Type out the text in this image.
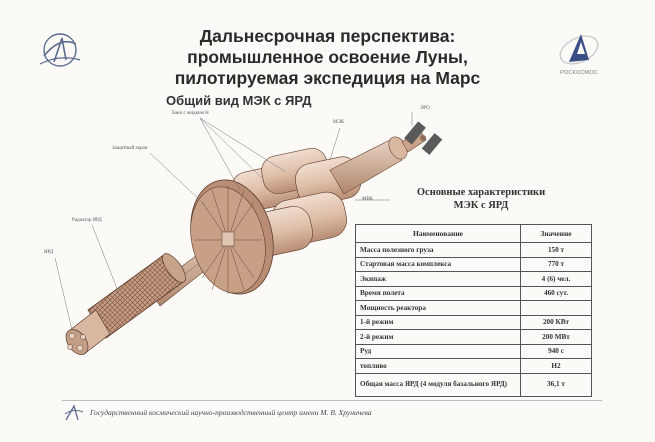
Дальнесрочная перспектива:
промышленное освоение Луны,
пилотируемая экспедиция на Марс
Общий вид МЭК с ЯРД
РОСКОСМОС
Баки с жидким Н
Защитный экран
Радиатор ЯРД
ЯРД
МЭК
ЭРО
МВК
Основные характеристики
МЭК с ЯРД
Наименование	Значение
Масса полезного груза	150 т
Стартовая масса комплекса	770 т
Экипаж	4 (6) чел.
Время полета	460 сут.
Мощность реактора	
1-й режим	200 КВт
2-й режим	200 МВт
Руд	940 с
топливо	H2
Общая масса ЯРД (4 модуля базального ЯРД)	36,1 т
Государственный космический научно-производственный центр имени М. В. Хруничева
